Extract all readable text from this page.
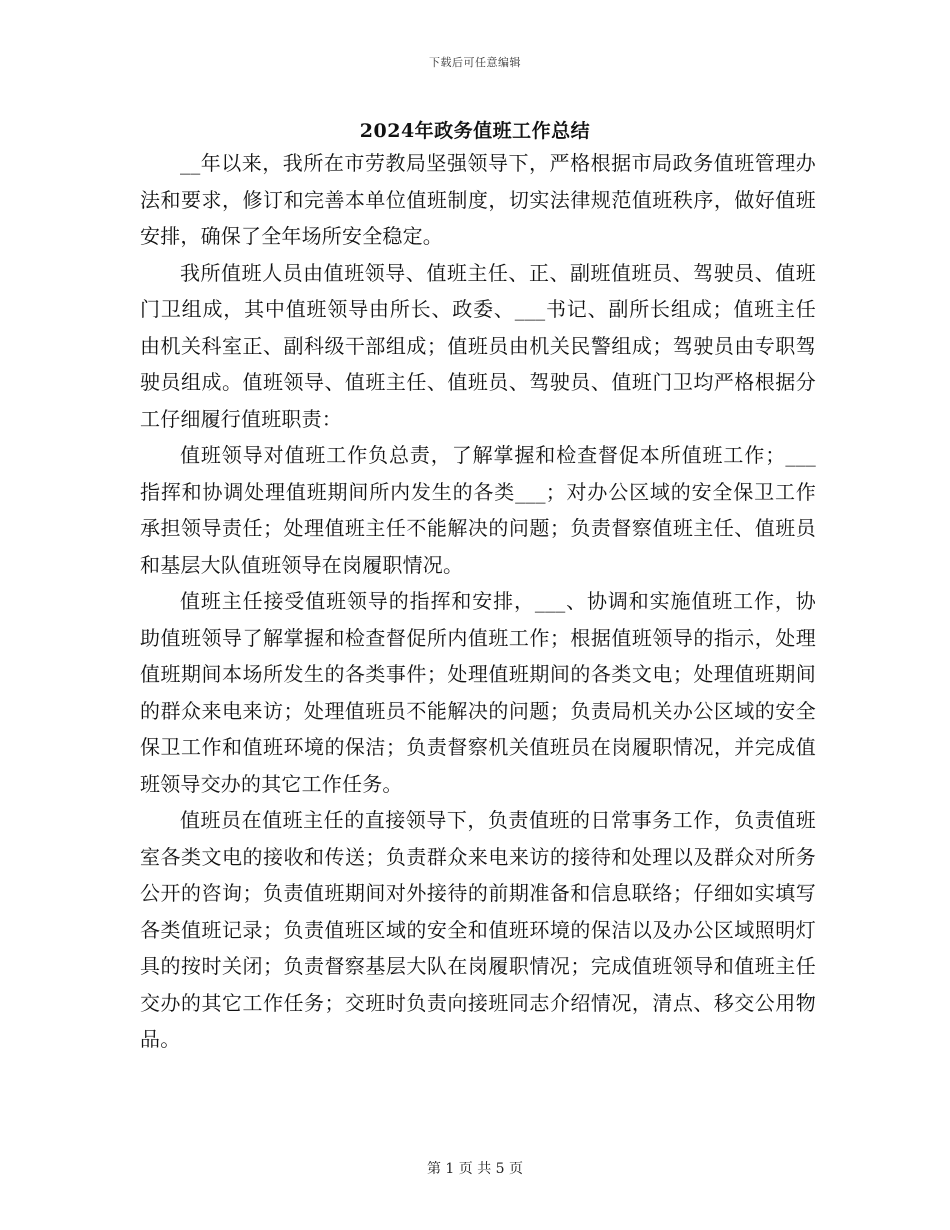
下载后可任意编辑
2024年政务值班工作总结

__年以来，我所在市劳教局坚强领导下，严格根据市局政务值班管理办法和要求，修订和完善本单位值班制度，切实法律规范值班秩序，做好值班安排，确保了全年场所安全稳定。

我所值班人员由值班领导、值班主任、正、副班值班员、驾驶员、值班门卫组成，其中值班领导由所长、政委、___书记、副所长组成；值班主任由机关科室正、副科级干部组成；值班员由机关民警组成；驾驶员由专职驾驶员组成。值班领导、值班主任、值班员、驾驶员、值班门卫均严格根据分工仔细履行值班职责：

值班领导对值班工作负总责，了解掌握和检查督促本所值班工作；___指挥和协调处理值班期间所内发生的各类___；对办公区域的安全保卫工作承担领导责任；处理值班主任不能解决的问题；负责督察值班主任、值班员和基层大队值班领导在岗履职情况。

值班主任接受值班领导的指挥和安排，___、协调和实施值班工作，协助值班领导了解掌握和检查督促所内值班工作；根据值班领导的指示，处理值班期间本场所发生的各类事件；处理值班期间的各类文电；处理值班期间的群众来电来访；处理值班员不能解决的问题；负责局机关办公区域的安全保卫工作和值班环境的保洁；负责督察机关值班员在岗履职情况，并完成值班领导交办的其它工作任务。

值班员在值班主任的直接领导下，负责值班的日常事务工作，负责值班室各类文电的接收和传送；负责群众来电来访的接待和处理以及群众对所务公开的咨询；负责值班期间对外接待的前期准备和信息联络；仔细如实填写各类值班记录；负责值班区域的安全和值班环境的保洁以及办公区域照明灯具的按时关闭；负责督察基层大队在岗履职情况；完成值班领导和值班主任交办的其它工作任务；交班时负责向接班同志介绍情况，清点、移交公用物品。

第 1 页 共 5 页
